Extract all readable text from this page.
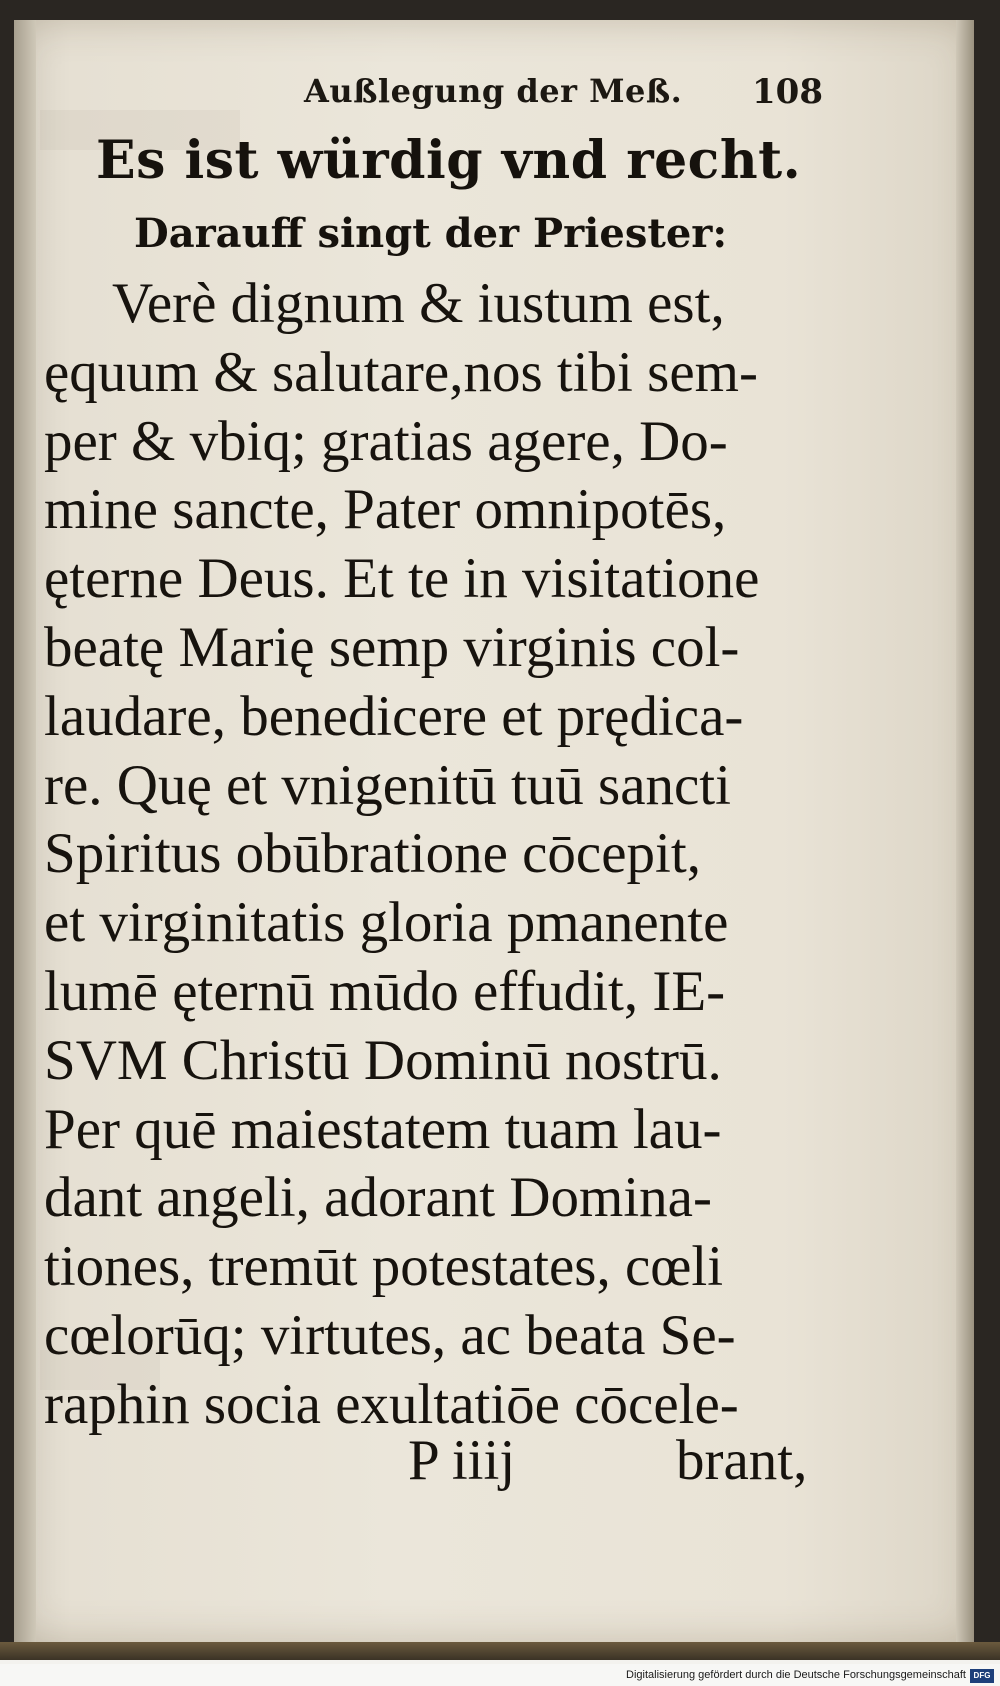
Außlegung der Meß. 108
Es ist würdig vnd recht.
Darauff singt der Priester:
Verè dignum & iustum est,
ęquum & salutare,nos tibi sem-
per & vbiq; gratias agere, Do-
mine sancte, Pater omnipotēs,
ęterne Deus. Et te in visitatione
beatę Marię semp virginis col-
laudare, benedicere et prędica-
re. Quę et vnigenitū tuū sancti
Spiritus obūbratione cōcepit,
et virginitatis gloria pmanente
lumē ęternū mūdo effudit, IE-
SVM Christū Dominū nostrū.
Per quē maiestatem tuam lau-
dant angeli, adorant Domina-
tiones, tremūt potestates, cœli
cœlorūq; virtutes, ac beata Se-
raphin socia exultatiōe cōcele-
P iiij	brant,
Digitalisierung gefördert durch die Deutsche Forschungsgemeinschaft DFG
